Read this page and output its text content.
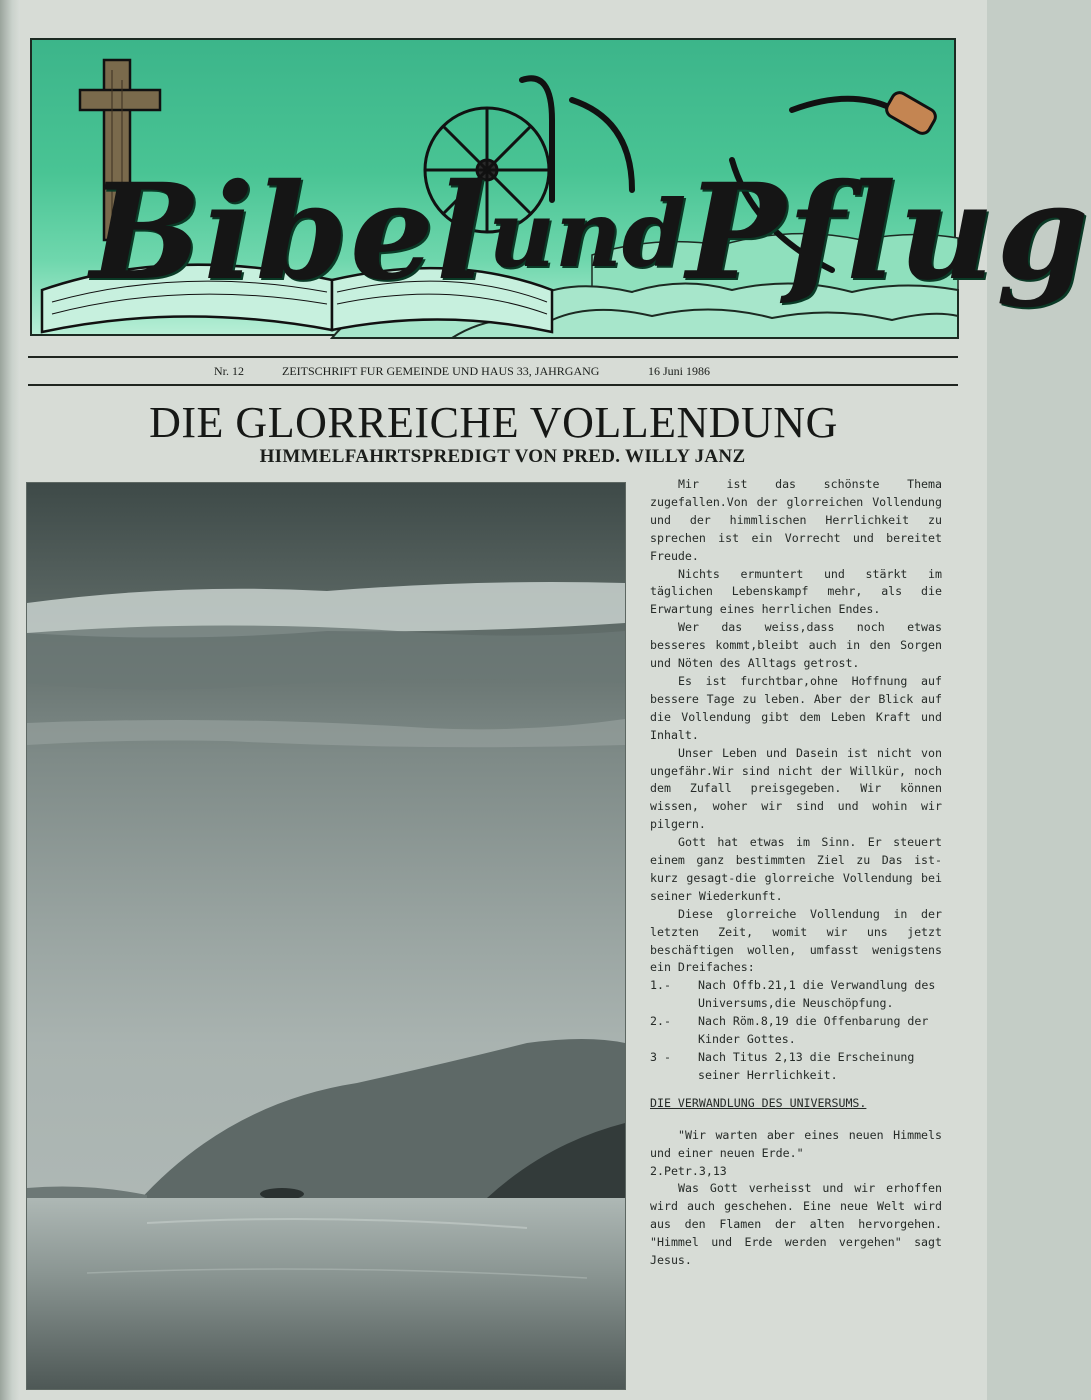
BibelundPflug
Nr. 12	ZEITSCHRIFT FUR GEMEINDE UND HAUS 33, JAHRGANG	16 Juni 1986
DIE GLORREICHE VOLLENDUNG
HIMMELFAHRTSPREDIGT VON PRED. WILLY JANZ

Mir ist das schönste Thema zugefallen.Von der glorreichen Vollendung und der himmlischen Herrlichkeit zu sprechen ist ein Vorrecht und bereitet Freude.

Nichts ermuntert und stärkt im täglichen Lebenskampf mehr, als die Erwartung eines herrlichen Endes.

Wer das weiss,dass noch etwas besseres kommt,bleibt auch in den Sorgen und Nöten des Alltags getrost.

Es ist furchtbar,ohne Hoffnung auf bessere Tage zu leben. Aber der Blick auf die Vollendung gibt dem Leben Kraft und Inhalt.

Unser Leben und Dasein ist nicht von ungefähr.Wir sind nicht der Willkür, noch dem Zufall preisgegeben. Wir können wissen, woher wir sind und wohin wir pilgern.

Gott hat etwas im Sinn. Er steuert einem ganz bestimmten Ziel zu Das ist-kurz gesagt-die glorreiche Vollendung bei seiner Wiederkunft.

Diese glorreiche Vollendung in der letzten Zeit, womit wir uns jetzt beschäftigen wollen, umfasst wenigstens ein Dreifaches:

1.-	Nach Offb.21,1 die Verwandlung des Universums,die Neuschöpfung.
2.-	Nach Röm.8,19 die Offenbarung der Kinder Gottes.
3 -	Nach Titus 2,13 die Erscheinung seiner Herrlichkeit.

DIE VERWANDLUNG DES UNIVERSUMS.

"Wir warten aber eines neuen Himmels und einer neuen Erde."

2.Petr.3,13

Was Gott verheisst und wir erhoffen wird auch geschehen. Eine neue Welt wird aus den Flamen der alten hervorgehen. "Himmel und Erde werden vergehen" sagt Jesus.
